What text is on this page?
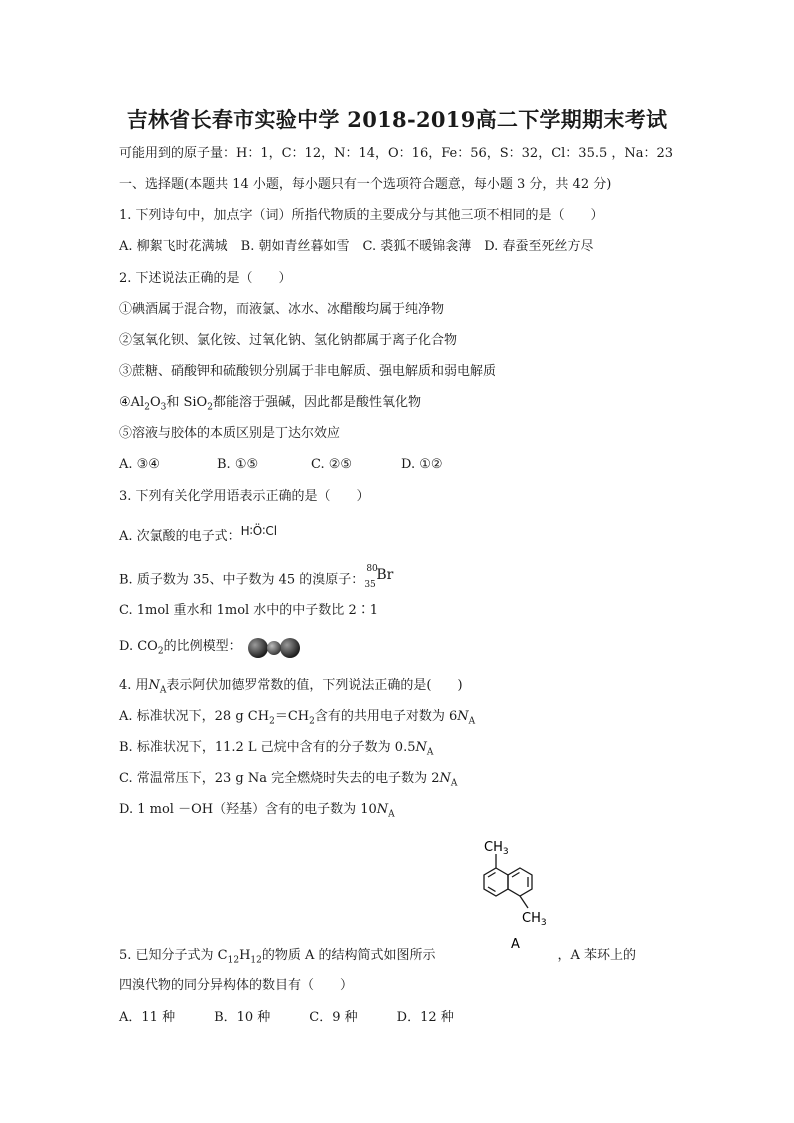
吉林省长春市实验中学 2018-2019高二下学期期末考试
可能用到的原子量：H：1，C：12，N：14，O：16，Fe：56，S：32，Cl：35.5 ，Na：23
一、选择题(本题共 14 小题，每小题只有一个选项符合题意，每小题 3 分，共 42 分)
1. 下列诗句中，加点字（词）所指代物质的主要成分与其他三项不相同的是（　　）
A. 柳絮飞时花满城　B. 朝如青丝暮如雪　C. 裘狐不暖锦衾薄　D. 春蚕至死丝方尽
2. 下述说法正确的是（　　）
①碘酒属于混合物，而液氯、冰水、冰醋酸均属于纯净物
②氢氧化钡、氯化铵、过氧化钠、氢化钠都属于离子化合物
③蔗糖、硝酸钾和硫酸钡分别属于非电解质、强电解质和弱电解质
$④Al_2O_3$和 SiO$_2$都能溶于强碱，因此都是酸性氧化物
⑤溶液与胶体的本质区别是丁达尔效应
A. ③④	B. ①⑤	C. ②⑤	D. ①②
3. 下列有关化学用语表示正确的是（　　）
A. 次氯酸的电子式：H∶Ö∶Cl
B. 质子数为 35、中子数为 45 的溴原子：
80
35
Br
C. 1mol 重水和 1mol 水中的中子数比 2∶1
D. $CO_2$的比例模型：
4. 用$N_A$表示阿伏加德罗常数的值，下列说法正确的是(　　)
A. 标准状况下，28 g $CH_2=CH_2$含有的共用电子对数为 $6N_A$
B. 标准状况下，11.2 L 己烷中含有的分子数为 $0.5N_A$
C. 常温常压下，23 g Na 完全燃烧时失去的电子数为 $2N_A$
D. 1 mol －OH（羟基）含有的电子数为 $10N_A$
$CH_3$
$CH_3$
A
5. 已知分子式为 $C_{12}H_{12}$的物质 A 的结构简式如图所示	，A 苯环上的
四溴代物的同分异构体的数目有（　　）
A．11 种　　　B．10 种　　　C．9 种　　　D．12 种
